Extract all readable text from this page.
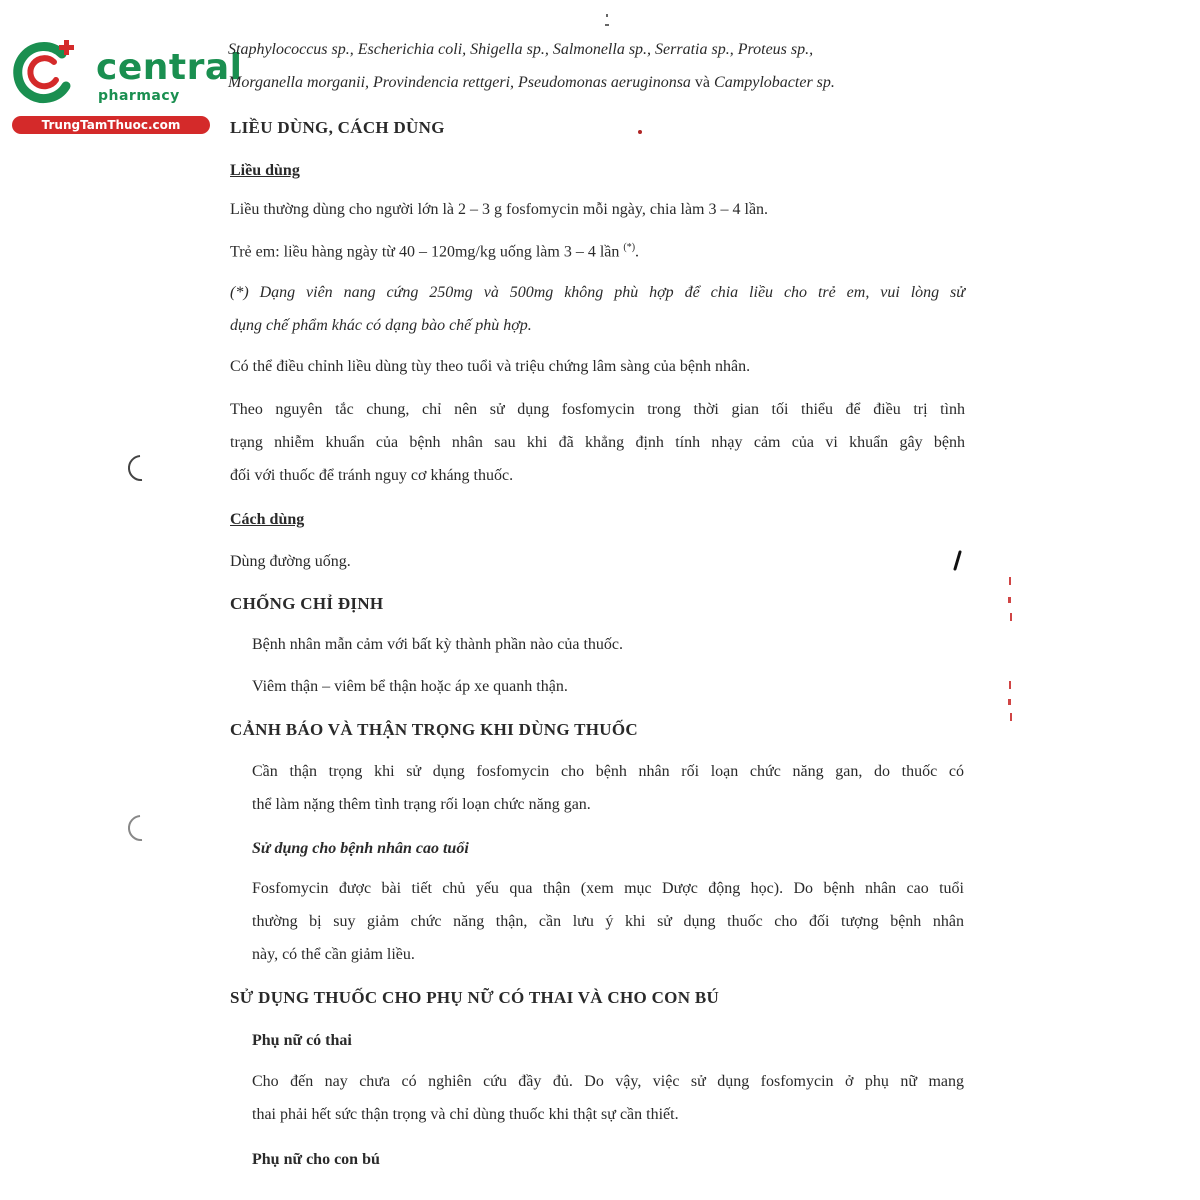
central
pharmacy
TrungTamThuoc.com
Staphylococcus sp., Escherichia coli, Shigella sp., Salmonella sp., Serratia sp., Proteus sp.,
Morganella morganii, Provindencia rettgeri, Pseudomonas aeruginonsa và Campylobacter sp.
LIỀU DÙNG, CÁCH DÙNG
Liều dùng
Liều thường dùng cho người lớn là 2 – 3 g fosfomycin mỗi ngày, chia làm 3 – 4 lần.
Trẻ em: liều hàng ngày từ 40 – 120mg/kg uống làm 3 – 4 lần (*).
(*) Dạng viên nang cứng 250mg và 500mg không phù hợp để chia liều cho trẻ em, vui lòng sử
dụng chế phẩm khác có dạng bào chế phù hợp.
Có thể điều chỉnh liều dùng tùy theo tuổi và triệu chứng lâm sàng của bệnh nhân.
Theo nguyên tắc chung, chỉ nên sử dụng fosfomycin trong thời gian tối thiểu để điều trị tình
trạng nhiễm khuẩn của bệnh nhân sau khi đã khẳng định tính nhạy cảm của vi khuẩn gây bệnh
đối với thuốc để tránh nguy cơ kháng thuốc.
Cách dùng
Dùng đường uống.
CHỐNG CHỈ ĐỊNH
Bệnh nhân mẫn cảm với bất kỳ thành phần nào của thuốc.
Viêm thận – viêm bể thận hoặc áp xe quanh thận.
CẢNH BÁO VÀ THẬN TRỌNG KHI DÙNG THUỐC
Cần thận trọng khi sử dụng fosfomycin cho bệnh nhân rối loạn chức năng gan, do thuốc có
thể làm nặng thêm tình trạng rối loạn chức năng gan.
Sử dụng cho bệnh nhân cao tuổi
Fosfomycin được bài tiết chủ yếu qua thận (xem mục Dược động học). Do bệnh nhân cao tuổi
thường bị suy giảm chức năng thận, cần lưu ý khi sử dụng thuốc cho đối tượng bệnh nhân
này, có thể cần giảm liều.
SỬ DỤNG THUỐC CHO PHỤ NỮ CÓ THAI VÀ CHO CON BÚ
Phụ nữ có thai
Cho đến nay chưa có nghiên cứu đầy đủ. Do vậy, việc sử dụng fosfomycin ở phụ nữ mang
thai phải hết sức thận trọng và chỉ dùng thuốc khi thật sự cần thiết.
Phụ nữ cho con bú
